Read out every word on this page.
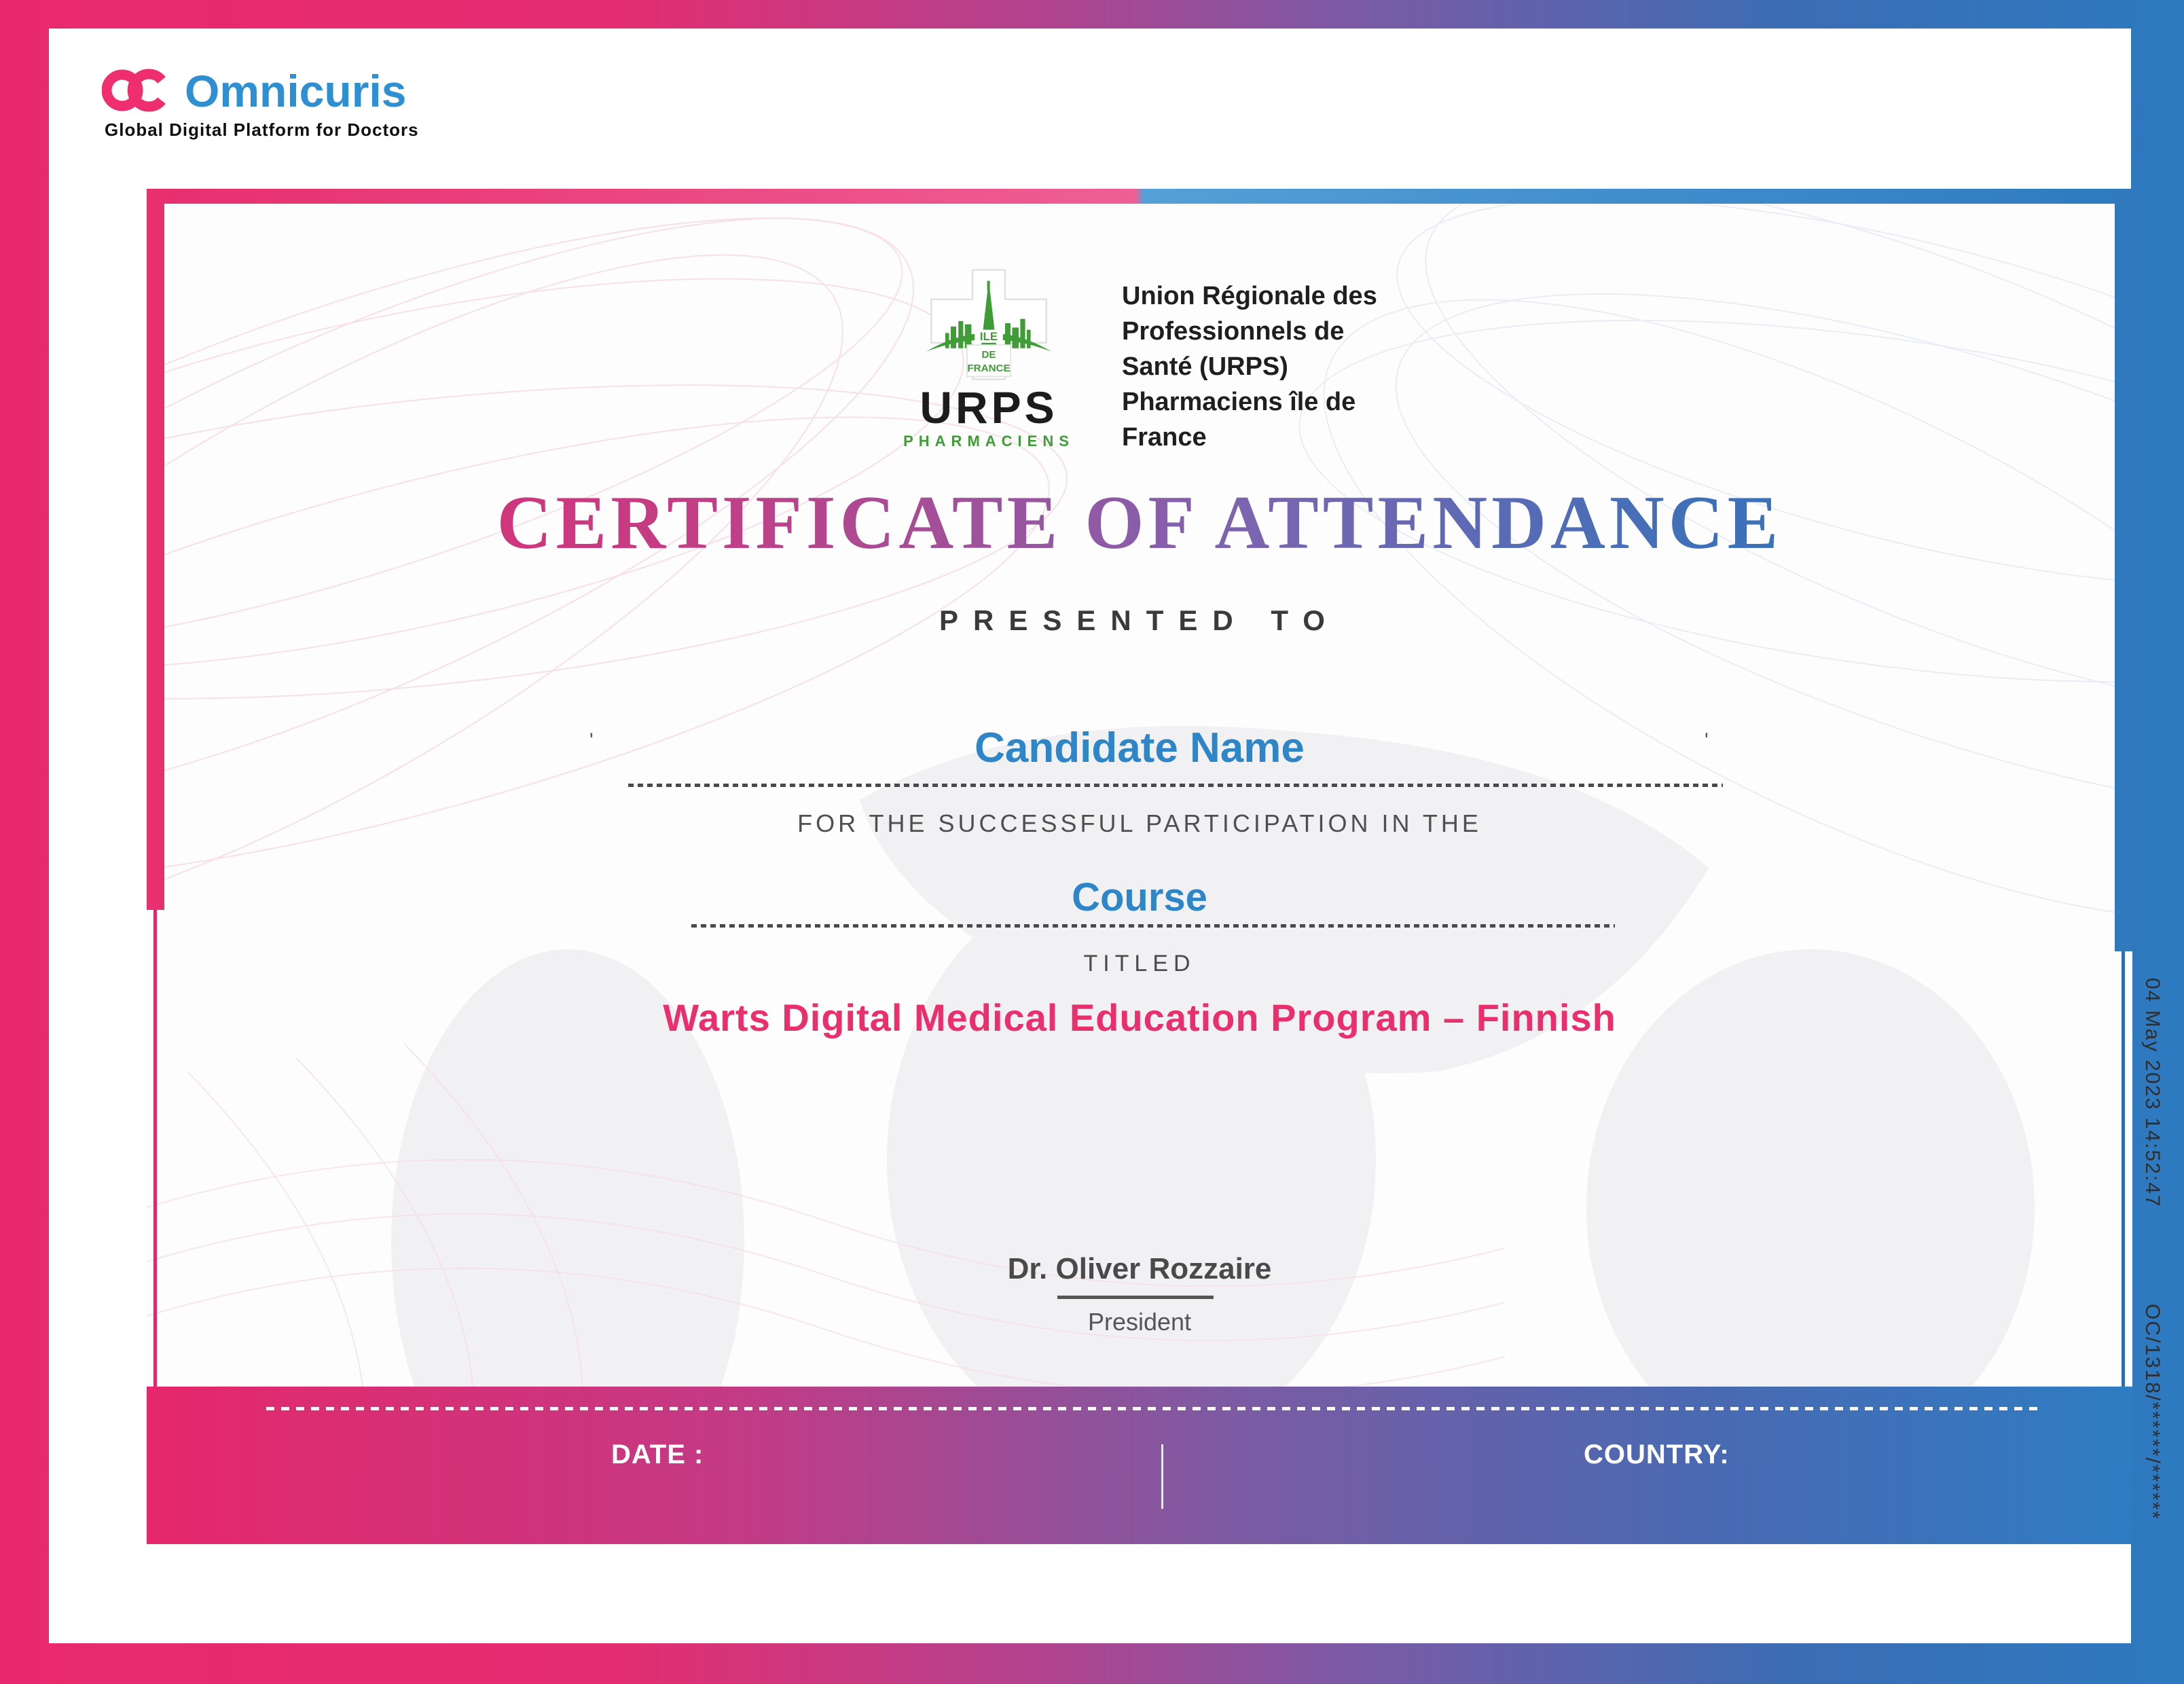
Omnicuris
Global Digital Platform for Doctors
ILE
DE
FRANCE
URPS
PHARMACIENS
Union Régionale des
Professionnels de
Santé (URPS)
Pharmaciens île de
France
CERTIFICATE OF ATTENDANCE
PRESENTED TO
Candidate Name
'	'
FOR THE SUCCESSFUL PARTICIPATION IN THE
Course
TITLED
Warts Digital Medical Education Program – Finnish
Dr. Oliver Rozzaire
President
DATE :	COUNTRY:
04 May 2023 14:52:47
OC/1318/******/******
